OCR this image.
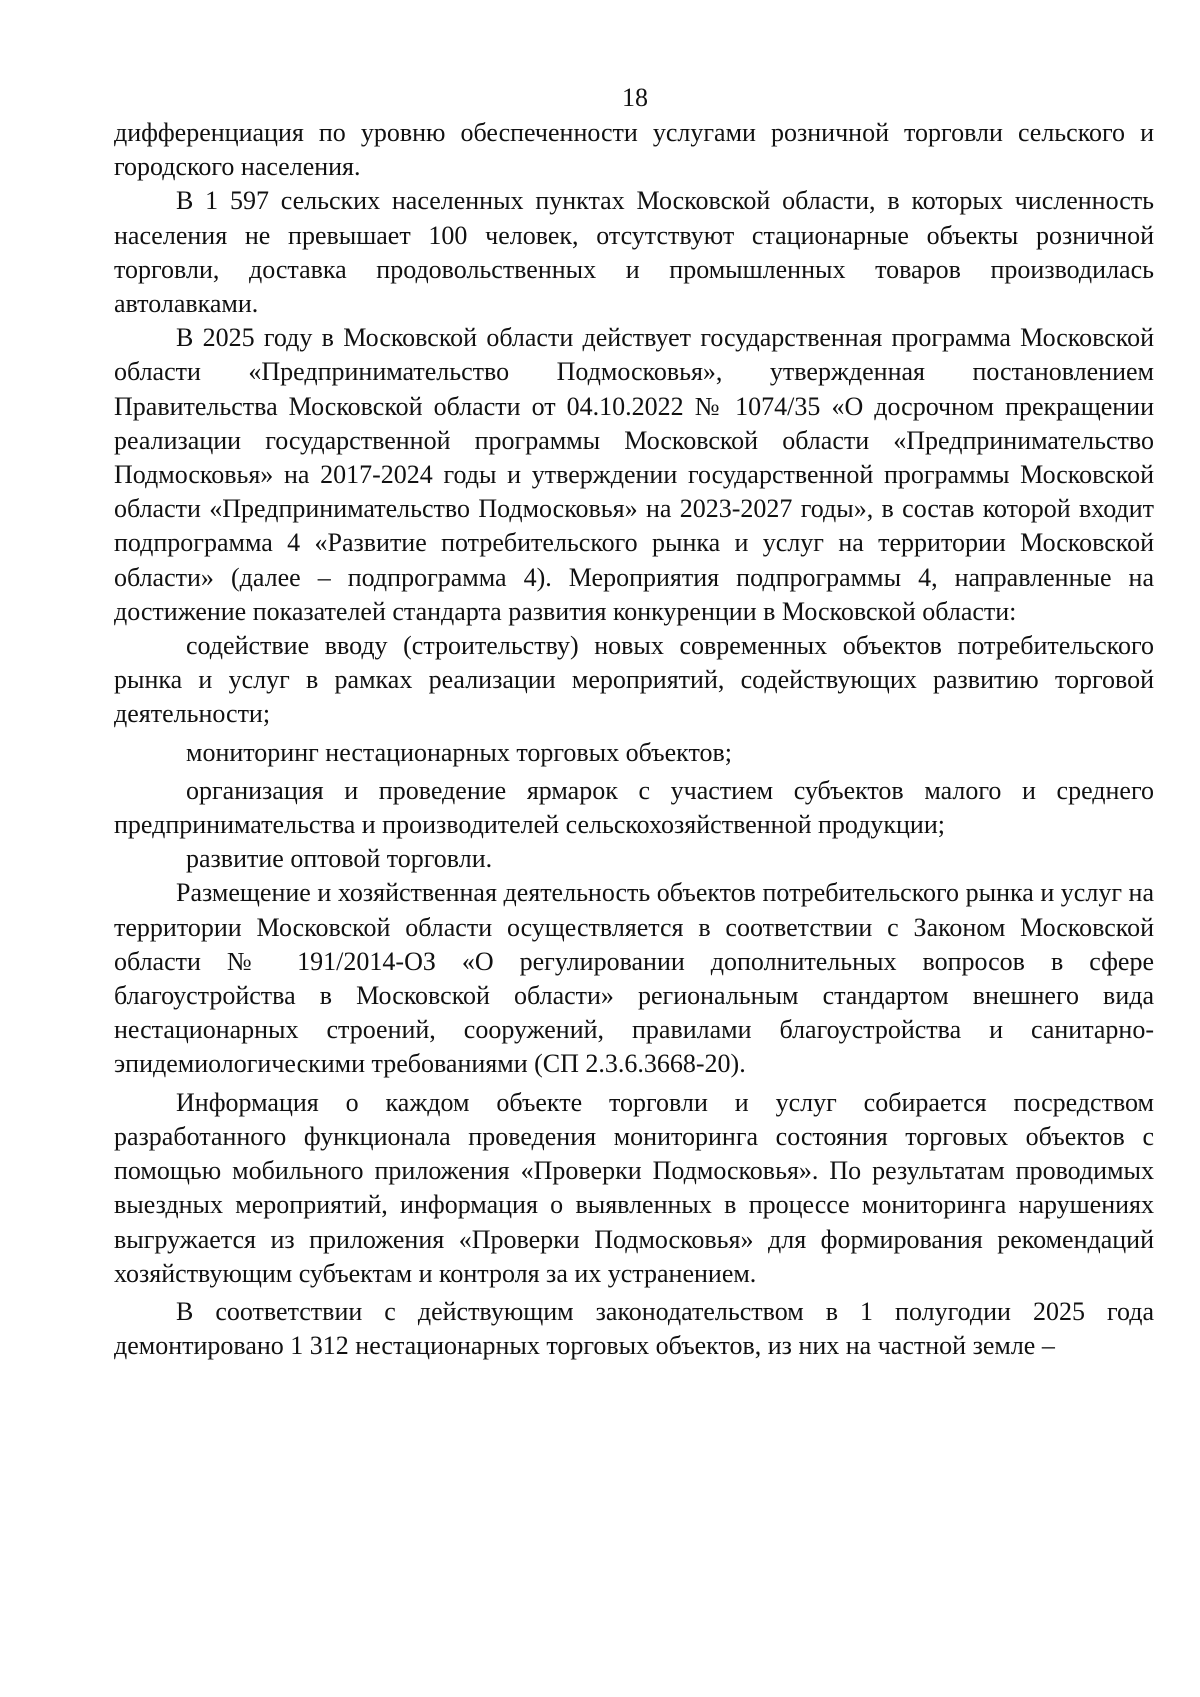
18

дифференциация по уровню обеспеченности услугами розничной торговли сельского и городского населения.

В 1 597 сельских населенных пунктах Московской области, в которых численность населения не превышает 100 человек, отсутствуют стационарные объекты розничной торговли, доставка продовольственных и промышленных товаров производилась автолавками.

В 2025 году в Московской области действует государственная программа Московской области «Предпринимательство Подмосковья», утвержденная постановлением Правительства Московской области от 04.10.2022 № 1074/35 «О досрочном прекращении реализации государственной программы Московской области «Предпринимательство Подмосковья» на 2017-2024 годы и утверждении государственной программы Московской области «Предпринимательство Подмосковья» на 2023-2027 годы», в состав которой входит подпрограмма 4 «Развитие потребительского рынка и услуг на территории Московской области» (далее – подпрограмма 4). Мероприятия подпрограммы 4, направленные на достижение показателей стандарта развития конкуренции в Московской области:

содействие вводу (строительству) новых современных объектов потребительского рынка и услуг в рамках реализации мероприятий, содействующих развитию торговой деятельности;

мониторинг нестационарных торговых объектов;

организация и проведение ярмарок с участием субъектов малого и среднего предпринимательства и производителей сельскохозяйственной продукции;

развитие оптовой торговли.

Размещение и хозяйственная деятельность объектов потребительского рынка и услуг на территории Московской области осуществляется в соответствии с Законом Московской области № 191/2014-ОЗ «О регулировании дополнительных вопросов в сфере благоустройства в Московской области» региональным стандартом внешнего вида нестационарных строений, сооружений, правилами благоустройства и санитарно-эпидемиологическими требованиями (СП 2.3.6.3668-20).

Информация о каждом объекте торговли и услуг собирается посредством разработанного функционала проведения мониторинга состояния торговых объектов с помощью мобильного приложения «Проверки Подмосковья». По результатам проводимых выездных мероприятий, информация о выявленных в процессе мониторинга нарушениях выгружается из приложения «Проверки Подмосковья» для формирования рекомендаций хозяйствующим субъектам и контроля за их устранением.

В соответствии с действующим законодательством в 1 полугодии 2025 года демонтировано 1 312 нестационарных торговых объектов, из них на частной земле –
